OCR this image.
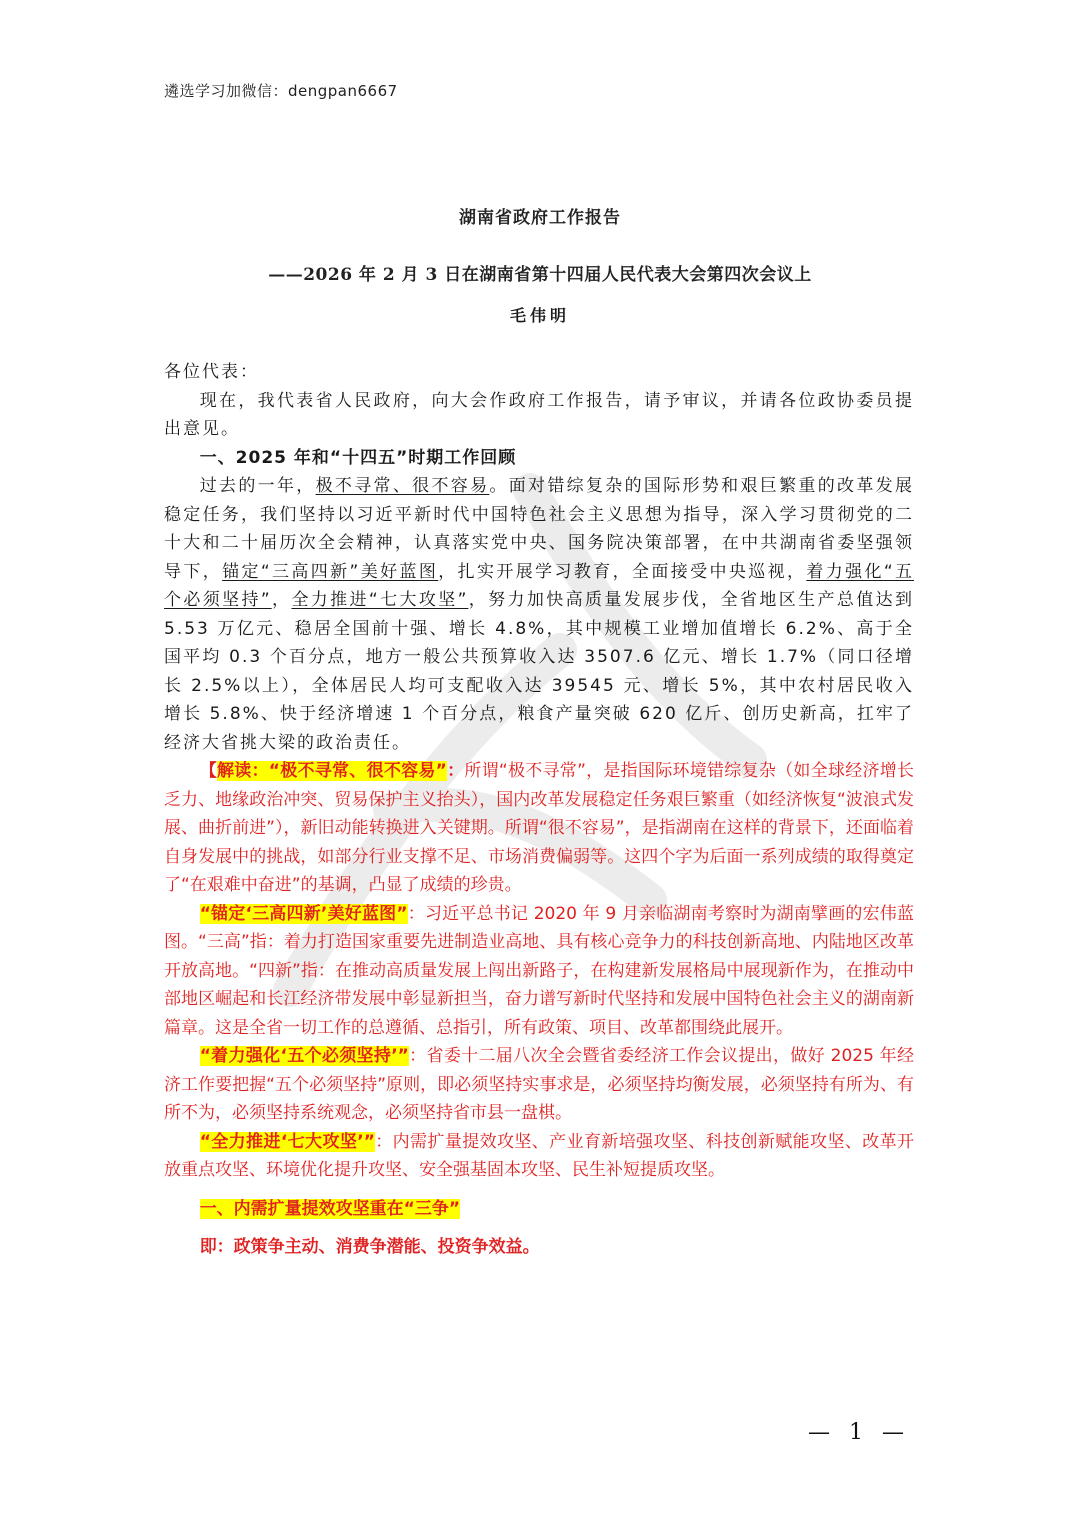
遴选学习加微信：dengpan6667
湖南省政府工作报告
——2026 年 2 月 3 日在湖南省第十四届人民代表大会第四次会议上
毛伟明

各位代表：

现在，我代表省人民政府，向大会作政府工作报告，请予审议，并请各位政协委员提出意见。

一、2025 年和“十四五”时期工作回顾

过去的一年，极不寻常、很不容易。面对错综复杂的国际形势和艰巨繁重的改革发展稳定任务，我们坚持以习近平新时代中国特色社会主义思想为指导，深入学习贯彻党的二十大和二十届历次全会精神，认真落实党中央、国务院决策部署，在中共湖南省委坚强领导下，锚定“三高四新”美好蓝图，扎实开展学习教育，全面接受中央巡视，着力强化“五个必须坚持”，全力推进“七大攻坚”，努力加快高质量发展步伐，全省地区生产总值达到 5.53 万亿元、稳居全国前十强、增长 4.8%，其中规模工业增加值增长 6.2%、高于全国平均 0.3 个百分点，地方一般公共预算收入达 3507.6 亿元、增长 1.7%（同口径增长 2.5%以上），全体居民人均可支配收入达 39545 元、增长 5%，其中农村居民收入增长 5.8%、快于经济增速 1 个百分点，粮食产量突破 620 亿斤、创历史新高，扛牢了经济大省挑大梁的政治责任。

【解读：“极不寻常、很不容易”：所谓“极不寻常”，是指国际环境错综复杂（如全球经济增长乏力、地缘政治冲突、贸易保护主义抬头），国内改革发展稳定任务艰巨繁重（如经济恢复“波浪式发展、曲折前进”），新旧动能转换进入关键期。所谓“很不容易”，是指湖南在这样的背景下，还面临着自身发展中的挑战，如部分行业支撑不足、市场消费偏弱等。这四个字为后面一系列成绩的取得奠定了“在艰难中奋进”的基调，凸显了成绩的珍贵。

“锚定‘三高四新’美好蓝图”：习近平总书记 2020 年 9 月亲临湖南考察时为湖南擘画的宏伟蓝图。“三高”指：着力打造国家重要先进制造业高地、具有核心竞争力的科技创新高地、内陆地区改革开放高地。“四新”指：在推动高质量发展上闯出新路子，在构建新发展格局中展现新作为，在推动中部地区崛起和长江经济带发展中彰显新担当，奋力谱写新时代坚持和发展中国特色社会主义的湖南新篇章。这是全省一切工作的总遵循、总指引，所有政策、项目、改革都围绕此展开。

“着力强化‘五个必须坚持’”：省委十二届八次全会暨省委经济工作会议提出，做好 2025 年经济工作要把握“五个必须坚持”原则，即必须坚持实事求是，必须坚持均衡发展，必须坚持有所为、有所不为，必须坚持系统观念，必须坚持省市县一盘棋。

“全力推进‘七大攻坚’”：内需扩量提效攻坚、产业育新培强攻坚、科技创新赋能攻坚、改革开放重点攻坚、环境优化提升攻坚、安全强基固本攻坚、民生补短提质攻坚。

一、内需扩量提效攻坚重在“三争”

即：政策争主动、消费争潜能、投资争效益。

— 1 —
